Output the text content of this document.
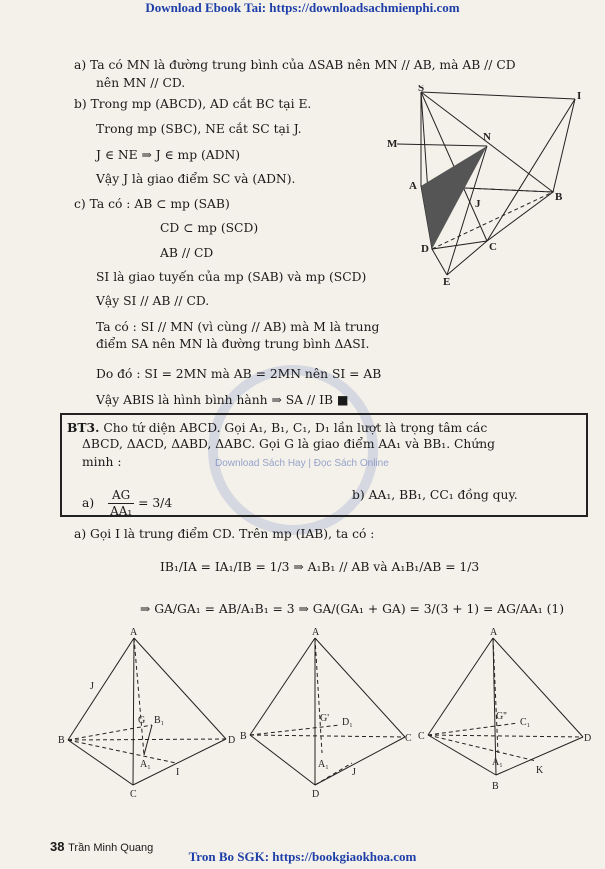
Download Ebook Tai: https://downloadsachmienphi.com
Download Sách Hay | Đọc Sách Online
a) Ta có MN là đường trung bình của ΔSAB nên MN // AB, mà AB // CD
nên MN // CD.
b) Trong mp (ABCD), AD cắt BC tại E.
Trong mp (SBC), NE cắt SC tại J.
J ∈ NE ⇒ J ∈ mp (ADN)
Vậy J là giao điểm SC và (ADN).
c) Ta có : AB ⊂ mp (SAB)
CD ⊂ mp (SCD)
AB // CD
SI là giao tuyến của mp (SAB) và mp (SCD)
Vậy SI // AB // CD.
Ta có : SI // MN (vì cùng // AB) mà M là trung
điểm SA nên MN là đường trung bình ΔASI.
Do đó : SI = 2MN mà AB = 2MN nên SI = AB
Vậy ABIS là hình bình hành ⇒ SA // IB ■
S
I
M
N
A
J
B
D	C
E
BT3. Cho tứ diện ABCD. Gọi A₁, B₁, C₁, D₁ lần lượt là trọng tâm các
ΔBCD, ΔACD, ΔABD, ΔABC. Gọi G là giao điểm AA₁ và BB₁. Chứng
minh :
$a) \frac{AG}{\text{AA₁}} = 3/4$
b) AA₁, BB₁, CC₁ đồng quy.
a) Gọi I là trung điểm CD. Trên mp (IAB), ta có :
IB₁/IA = IA₁/IB = 1/3 ⇒ A₁B₁ // AB và A₁B₁/AB = 1/3
⇒ GA/GA₁ = AB/A₁B₁ = 3 ⇒ GA/(GA₁ + GA) = 3/(3 + 1) = AG/AA₁ (1)
A
J
G B₁
B	D
A₁
I
C
A
G' D₁
B	C
A₁
J
D
A
G''
C₁
C	D
A₁
K
B
38 Trần Minh Quang
Tron Bo SGK: https://bookgiaokhoa.com
